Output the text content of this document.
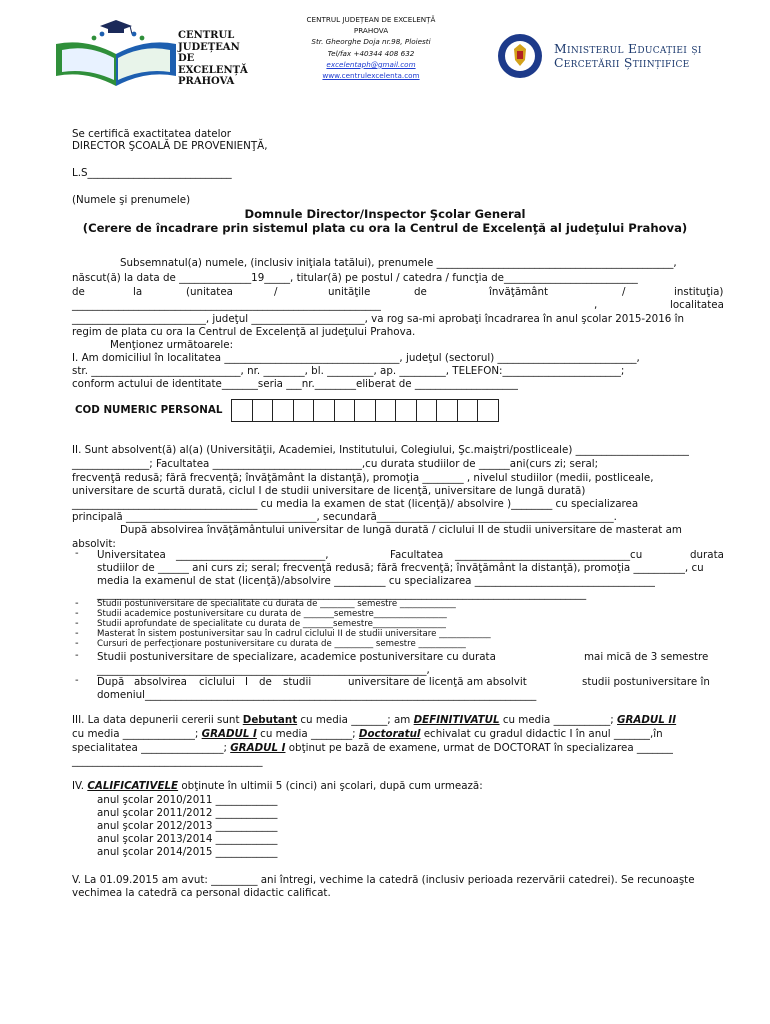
CENTRUL
JUDEȚEAN
DE
EXCELENȚĂ
PRAHOVA
CENTRUL JUDEȚEAN DE EXCELENȚĂ
PRAHOVA
Str. Gheorghe Doja nr.98, Ploiesti
Tel/fax +40344 408 632
excelentaph@gmail.com
www.centrulexcelenta.com
Ministerul Educației și
Cercetării Științifice
Se certifică exactitatea datelor
DIRECTOR ŞCOALĂ DE PROVENIENŢĂ,
L.S____________________________
(Numele şi prenumele)
Domnule Director/Inspector Şcolar General
(Cerere de încadrare prin sistemul plata cu ora la Centrul de Excelenţă al judeţului Prahova)
Subsemnatul(a) numele, (inclusiv iniţiala tatălui), prenumele ______________________________________________,
născut(ă) la data de ______________19_____, titular(ă) pe postul / catedra / funcţia de__________________________
de	la	(unitatea	/	unităţile	de	învăţământ	/	instituţia)
____________________________________________________________	,	localitatea
__________________________, judeţul ______________________, va rog sa-mi aprobaţi încadrarea în anul şcolar 2015-2016 în
regim de plata cu ora la Centrul de Excelenţă al judeţului Prahova.
Menţionez următoarele:
I. Am domiciliul în localitatea __________________________________, judeţul (sectorul) ___________________________,
str. _____________________________, nr. ________, bl. _________, ap. _________, TELEFON:_______________________;
conform actului de identitate_______seria ___nr.________eliberat de ____________________
COD NUMERIC PERSONAL
II. Sunt absolvent(ă) al(a) (Universităţii, Academiei, Institutului, Colegiului, Şc.maiştri/postliceale) ______________________
_______________; Facultatea _____________________________,cu durata studiilor de ______ani(curs zi; seral;
frecvenţă redusă; fără frecvenţă; învăţământ la distanţă), promoţia ________ , nivelul studiilor (medii, postliceale,
universitare de scurtă durată, ciclul I de studii universitare de licenţă, universitare de lungă durată)
____________________________________ cu media la examen de stat (licenţă)/ absolvire )________ cu specializarea
principală _____________________________________, secundară______________________________________________.
După absolvirea învăţământului universitar de lungă durată / ciclului II de studii universitare de masterat am
absolvit:
- Universitatea _____________________________,	Facultatea __________________________________cu	durata
studiilor de ______ ani curs zi; seral; frecvenţă redusă; fără frecvenţă; învăţământ la distanţă), promoţia __________, cu
media la examenul de stat (licenţă)/absolvire __________ cu specializarea ___________________________________
_______________________________________________________________________________________________
- Studii postuniversitare de specialitate cu durata de ________ semestre _____________
- Studii academice postuniversitare cu durata de _______semestre_________________
- Studii aprofundate de specialitate cu durata de _______semestre_________________
- Masterat în sistem postuniversitar sau în cadrul ciclului II de studii universitare ____________
- Cursuri de perfecţionare postuniversitare cu durata de _________ semestre ___________
- Studii postuniversitare de specializare, academice postuniversitare cu durata	mai mică de 3 semestre
________________________________________________________________,
- După absolvirea ciclului I de studii	universitare de licenţă am absolvit	studii postuniversitare în
domeniul____________________________________________________________________________
III. La data depunerii cererii sunt Debutant cu media _______; am DEFINITIVATUL cu media ___________; GRADUL II
cu media ______________; GRADUL I cu media ________; Doctoratul echivalat cu gradul didactic I în anul _______,în
specialitatea ________________; GRADUL I obţinut pe bază de examene, urmat de DOCTORAT în specializarea _______
_____________________________________
IV. CALIFICATIVELE obţinute în ultimii 5 (cinci) ani şcolari, după cum urmează:
anul şcolar 2010/2011 ____________
anul şcolar 2011/2012 ____________
anul şcolar 2012/2013 ____________
anul şcolar 2013/2014 ____________
anul şcolar 2014/2015 ____________
V. La 01.09.2015 am avut: _________ ani întregi, vechime la catedră (inclusiv perioada rezervării catedrei). Se recunoaşte
vechimea la catedră ca personal didactic calificat.
